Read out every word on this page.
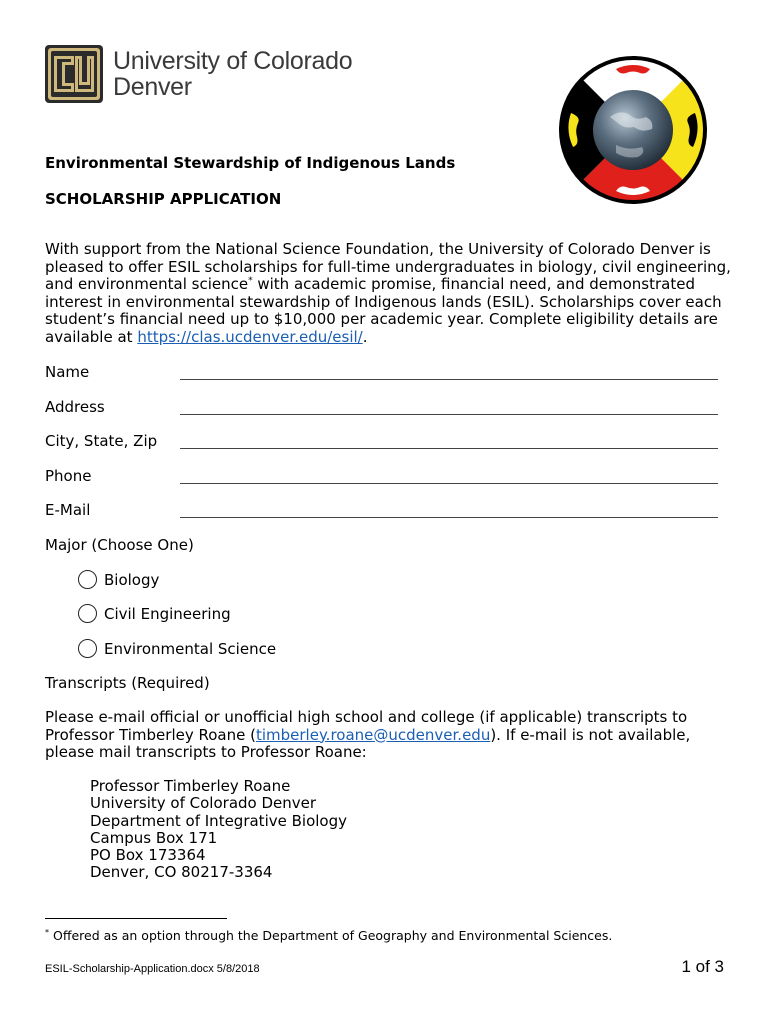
University of Colorado
Denver
Environmental Stewardship of Indigenous Lands
SCHOLARSHIP APPLICATION
With support from the National Science Foundation, the University of Colorado Denver is pleased to offer ESIL scholarships for full-time undergraduates in biology, civil engineering, and environmental science* with academic promise, financial need, and demonstrated interest in environmental stewardship of Indigenous lands (ESIL). Scholarships cover each student’s financial need up to $10,000 per academic year. Complete eligibility details are available at https://clas.ucdenver.edu/esil/.
Name
Address
City, State, Zip
Phone
E-Mail
Major (Choose One)
Biology
Civil Engineering
Environmental Science
Transcripts (Required)
Please e-mail official or unofficial high school and college (if applicable) transcripts to Professor Timberley Roane (timberley.roane@ucdenver.edu). If e-mail is not available, please mail transcripts to Professor Roane:
Professor Timberley Roane
University of Colorado Denver
Department of Integrative Biology
Campus Box 171
PO Box 173364
Denver, CO 80217-3364
* Offered as an option through the Department of Geography and Environmental Sciences.
ESIL-Scholarship-Application.docx 5/8/2018	1 of 3
